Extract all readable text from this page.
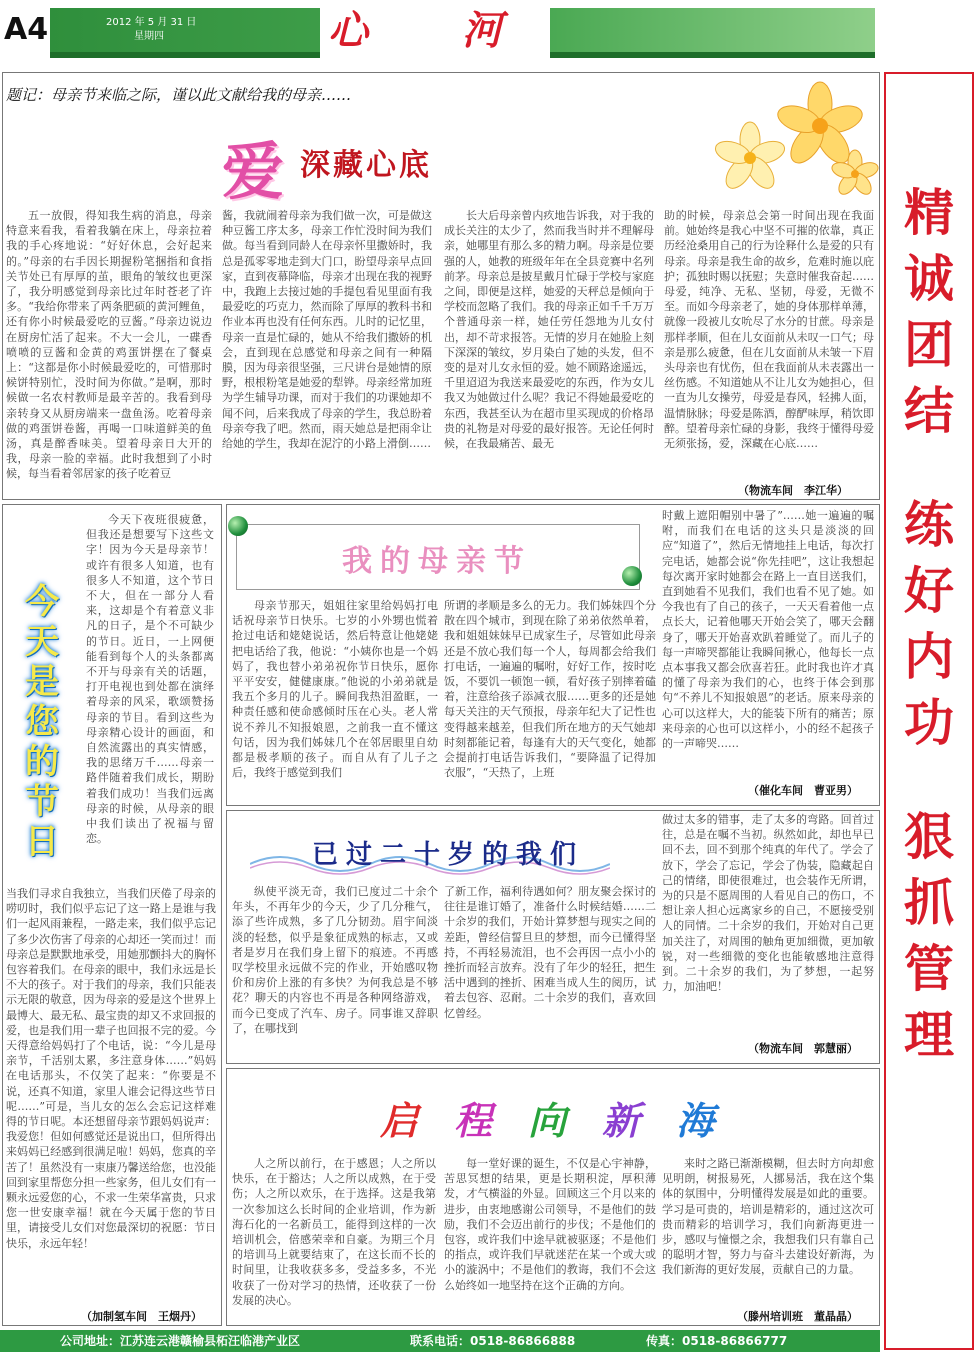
A4	2012 年 5 月 31 日
星期四	心 河
题记：母亲节来临之际，谨以此文献给我的母亲……
精诚团结
练好内功
狠抓管理
爱 深藏心底
五一放假，得知我生病的消息，母亲特意来看我，看着我躺在床上，母亲拉着我的手心疼地说：“好好休息，会好起来的。”母亲的右手因长期握粉笔捆指和食指关节处已有厚厚的茧，眼角的皱纹也更深了，我分明感觉到母亲比过年时苍老了许多。“我给你带来了两条肥硕的黄河鲤鱼，还有你小时候最爱吃的豆酱。”母亲边说边在厨房忙活了起来。不大一会儿，一碟香喷喷的豆酱和金黄的鸡蛋饼摆在了餐桌上：“这都是你小时候最爱吃的，可惜那时候饼特别忙，没时间为你做。”是啊，那时候做一名农村教师是最辛苦的。我看到母亲转身又从厨房端来一盘鱼汤。吃着母亲做的鸡蛋饼卷酱，再喝一口味道鲜美的鱼汤，真是醉香味美。望着母亲日大开的我，母亲一脸的幸福。此时我想到了小时候，每当看着邻居家的孩子吃着豆
酱，我就闹着母亲为我们做一次，可是做这种豆酱工序太多，母亲工作忙没时间为我们做。每当看到同龄人在母亲怀里撒娇时，我总是孤零零地走到大门口，盼望母亲早点回家，直到夜幕降临，母亲才出现在我的视野中，我跑上去接过她的手提包看见里面有我最爱吃的巧克力，然而除了厚厚的教科书和作业本再也没有任何东西。儿时的记忆里，母亲一直是忙碌的，她从不给我们撒娇的机会，直到现在总感觉和母亲之间有一种隔膜，因为母亲很坚强，三尺讲台是她情的原野，根根粉笔是她爱的犁铧。母亲经常加班为学生辅导功课，而对于我们的功课她却不闻不问，后来我成了母亲的学生，我总盼着母亲夸我了吧。然而，雨天她总是把雨伞让给她的学生，我却在泥泞的小路上滑倒……
长大后母亲曾内疚地告诉我，对于我的成长关注的太少了，然而我当时并不理解母亲，她哪里有那么多的精力啊。母亲是位要强的人，她教的班级年年在全县竞赛中名列前茅。母亲总是披星戴月忙碌于学校与家庭之间，即便是这样，她爱的天秤总是倾向于学校而忽略了我们。我的母亲正如千千万万个普通母亲一样，她任劳任怨地为儿女付出，却不苛求报答。无情的岁月在她脸上刻下深深的皱纹，岁月染白了她的头发，但不变的是对儿女永恒的爱。她不顾路途遥远，千里迢迢为我送来最爱吃的东西，作为女儿我又为她做过什么呢？我记不得她最爱吃的东西，我甚至认为在超市里买现成的价格昂贵的礼物是对母爱的最好报答。无论任何时候，在我最痛苦、最无
助的时候，母亲总会第一时间出现在我面前。她始终是我心中坚不可摧的依靠，真正历经沧桑用自己的行为诠释什么是爱的只有母亲。母亲是我生命的故乡，危难时施以庇护；孤独时赐以抚慰；失意时催我奋起……母爱，纯净、无私、坚韧，母爱，无微不至。而如今母亲老了，她的身体那样单薄，就像一段被儿女吮尽了水分的甘蔗。母亲是那样孝顺，但在儿女面前从未叹一口气；母亲是那么疲惫，但在儿女面前从未皱一下眉头母亲也有忧伤，但在我面前从未表露出一丝伤感。不知道她从不让儿女为她担心，但一直为儿女操劳，母爱是春风，轻拂人面，温情脉脉；母爱是陈酒，醇酽味厚，稍饮即醉。望着母亲忙碌的身影，我终于懂得母爱无须张扬，爱，深藏在心底……
（物流车间　李江华）
今天是您的节日
今天下夜班很疲惫，但我还是想要写下这些文字！因为今天是母亲节！或许有很多人知道，也有很多人不知道，这个节日不大，但在一部分人看来，这却是个有着意义非凡的日子，是个不可缺少的节日。近日，一上网便能看到每个人的头条都离不开与母亲有关的话题，打开电视也到处都在演绎着母亲的风采，歌颂赞扬母亲的节目。看到这些为母亲精心设计的画面，和自然流露出的真实情感，我的思绪万千……母亲一路伴随着我们成长，期盼着我们成功！当我们远离母亲的时候，从母亲的眼中我们读出了祝福与留恋。
当我们寻求自我独立，当我们厌倦了母亲的唠叨时，我们似乎忘记了这一路上是谁与我们一起风雨兼程，一路走来，我们似乎忘记了多少次伤害了母亲的心却还一笑而过！而母亲总是默默地承受，用她那颤抖大的胸怀包容着我们。在母亲的眼中，我们永远是长不大的孩子。对于我们的母亲，我们只能表示无限的敬意，因为母亲的爱是这个世界上最博大、最无私、最宝贵的却又不求回报的爱，也是我们用一辈子也回报不完的爱。今天得意给妈妈打了个电话，说：“今儿是母亲节，千活别太累，多注意身体……”妈妈在电话那头，不仅笑了起来：“你要是不说，还真不知道，家里人谁会记得这些节日呢……”可是，当儿女的怎么会忘记这样难得的节日呢。本还想留母亲节跟妈妈说声：我爱您！但如何感觉还是说出口，但所得出来妈妈已经感到很满足啦！妈妈，您真的辛苦了！虽然没有一束康乃馨送给您，也没能回到家里帮您分担一些家务，但儿女们有一颗永远爱您的心，不求一生荣华富贵，只求您一世安康幸福！就在今天属于您的节日里，请接受儿女们对您最深切的祝愿：节日快乐，永远年轻！
（加制氢车间　王烟丹）
我的母亲节
母亲节那天，姐姐往家里给妈妈打电话祝母亲节日快乐。七岁的小外甥也慌着抢过电话和姥姥说话，然后特意让他姥姥把电话给了我，他说：“小姨你也是一个妈妈了，我也替小弟弟祝你节日快乐，愿你平平安安，健健康康。”他说的小弟弟就是我五个多月的儿子。瞬间我热泪盈眶，一种责任感和使命感倾时压在心头。老人常说不养儿不知报娘恩，之前我一直不懂这句话，因为我们姊妹几个在邻居眼里自幼都是极孝顺的孩子。而自从有了儿子之后，我终于感觉到我们
所谓的孝顺是多么的无力。我们姊妹四个分散在四个城市，到现在除了弟弟依然单着，我和姐姐妹妹早已成家生子，尽管如此母亲还是不放心我们每一个人，每周都会给我们打电话，一遍遍的嘱咐，好好工作，按时吃饭，不要饥一顿饱一顿，看好孩子别摔着磕着，注意给孩子添减衣服……更多的还是她每天关注的天气预报，母亲年纪大了记性也变得越来越差，但我们所在地方的天气她却时刻都能记着，每逢有大的天气变化，她都会提前打电话告诉我们，“要降温了记得加衣服”，“天热了，上班
时戴上遮阳帽别中暑了”……她一遍遍的嘱咐，而我们在电话的这头只是淡淡的回应“知道了”，然后无情地挂上电话，每次打完电话，她都会说“你先挂吧”，这让我想起每次离开家时她都会在路上一直目送我们，直到她看不见我们，我们也看不见了她。如今我也有了自己的孩子，一天天看着他一点点长大，记着他哪天开始会笑了，哪天会翻身了，哪天开始喜欢趴着睡觉了。而儿子的每一声啼哭都能让我瞬间揪心，他每长一点点本事我又都会欣喜若狂。此时我也许才真的懂了母亲为我们的心，也终于体会到那句“不养儿不知报娘恩”的老话。原来母亲的心可以这样大，大的能装下所有的痛苦；原来母亲的心也可以这样小，小的经不起孩子的一声啼哭……
（催化车间　曹亚男）
已过二十岁的我们
纵使平淡无奇，我们已度过二十余个年头，不再年少的今天，少了几分稚气，添了些许成熟，多了几分韧劲。眉宇间淡淡的轻愁，似乎是象征成熟的标志，又或者是岁月在我们身上留下的痕迹。不再感叹学校里永远做不完的作业，开始感叹物价和房价上涨的有多快？为何我总是不够花？聊天的内容也不再是各种网络游戏，而今已变成了汽车、房子。同事谁又辞职了，在哪找到
了新工作，福利待遇如何？朋友聚会探讨的往往是谁订婚了，准备什么时候结婚……二十余岁的我们，开始计算梦想与现实之间的差距，曾经信誓旦旦的梦想，而今已懂得坚持，不再轻易流泪，也不会再因一点小小的挫折而轻言放弃。没有了年少的轻狂，把生活中遇到的挫折、困难当成人生的阅历，试着去包容、忍耐。二十余岁的我们，喜欢回忆曾经。
做过太多的错事，走了太多的弯路。回首过往，总是在嘱不当初。纵然如此，却也早已回不去，回不到那个纯真的年代了。学会了放下，学会了忘记，学会了伪装，隐藏起自己的情绪，即使很难过，也会装作无所谓，为的只是不愿周围的人看见自己的伤口，不想让亲人担心远离家乡的自己，不愿接受别人的同情。二十余岁的我们，开始对自己更加关注了，对周围的触角更加细微，更加敏锐，对一些细微的变化也能敏感地注意得到。二十余岁的我们，为了梦想，一起努力，加油吧！
（物流车间　郭慧丽）
启程向新海
人之所以前行，在于感恩；人之所以快乐，在于豁达；人之所以成熟，在于受伤；人之所以欢乐，在于选择。这是我第一次参加这么长时间的企业培训，作为新海石化的一名新员工，能得到这样的一次培训机会，倍感荣幸和自豪。为期三个月的培训马上就要结束了，在这长而不长的时间里，让我收获多多，受益多多，不光收获了一份对学习的热情，还收获了一份发展的决心。
每一堂好课的诞生，不仅是心宇神静，苦思冥想的结果，更是长期积淀，厚积薄发，才气横溢的外显。回顾这三个月以来的进步，由衷地感谢公司领导，不是他们的鼓励，我们不会迈出前行的步伐；不是他们的包容，或许我们中途早就被驱逐；不是他们的指点，或许我们早就迷茫在某一个或大或小的漩涡中；不是他们的教诲，我们不会这么始终如一地坚持在这个正确的方向。
来时之路已渐渐模糊，但去时方向却愈见明朗，树报易死，人挪易活，我在这个集体的氛围中，分明懂得发展是如此的重要。学习是可贵的，培训是精彩的，通过这次可贵而精彩的培训学习，我们向新海更进一步，感叹与憧憬之余，我想我们只有靠自己的聪明才智，努力与奋斗去建设好新海，为我们新海的更好发展，贡献自己的力量。
（滕州培训班　董晶晶）
公司地址：江苏连云港赣榆县柘汪临港产业区	联系电话：0518-86866888	传真：0518-86866777
